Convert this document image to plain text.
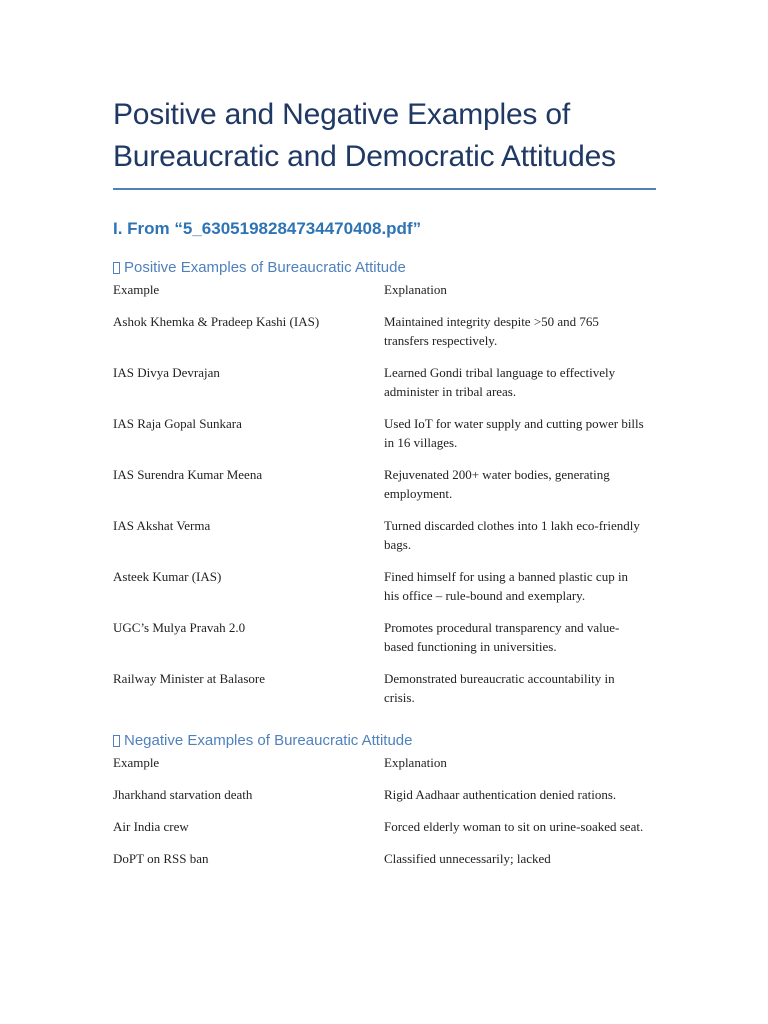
Positive and Negative Examples of Bureaucratic and Democratic Attitudes
I. From “5_6305198284734470408.pdf”
Positive Examples of Bureaucratic Attitude
Example	Explanation
Ashok Khemka & Pradeep Kashi (IAS)	Maintained integrity despite >50 and 765 transfers respectively.
IAS Divya Devrajan	Learned Gondi tribal language to effectively administer in tribal areas.
IAS Raja Gopal Sunkara	Used IoT for water supply and cutting power bills in 16 villages.
IAS Surendra Kumar Meena	Rejuvenated 200+ water bodies, generating employment.
IAS Akshat Verma	Turned discarded clothes into 1 lakh eco-friendly bags.
Asteek Kumar (IAS)	Fined himself for using a banned plastic cup in his office – rule-bound and exemplary.
UGC’s Mulya Pravah 2.0	Promotes procedural transparency and value-based functioning in universities.
Railway Minister at Balasore	Demonstrated bureaucratic accountability in crisis.
Negative Examples of Bureaucratic Attitude
Example	Explanation
Jharkhand starvation death	Rigid Aadhaar authentication denied rations.
Air India crew	Forced elderly woman to sit on urine-soaked seat.
DoPT on RSS ban	Classified unnecessarily; lacked
